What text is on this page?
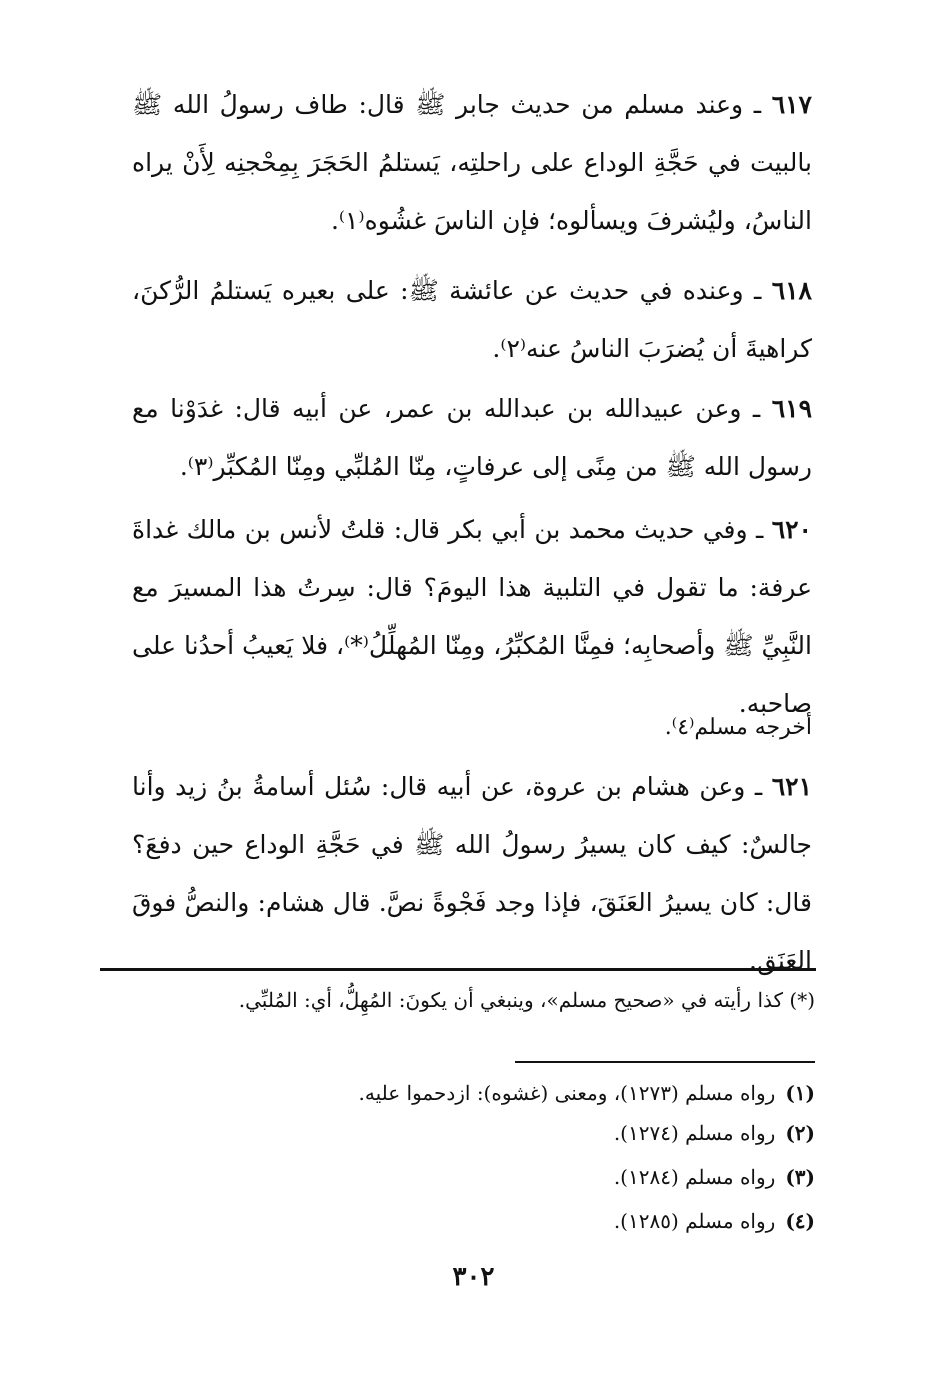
٦١٧ ـ وعند مسلم من حديث جابر ﷺ قال: طاف رسولُ الله ﷺ بالبيت في حَجَّةِ الوداع على راحلتِه، يَستلمُ الحَجَرَ بِمِحْجنِه لِأَنْ يراه الناسُ، وليُشرفَ ويسألوه؛ فإن الناسَ غشُوه⁽١⁾.
٦١٨ ـ وعنده في حديث عن عائشة ﷺ: على بعيره يَستلمُ الرُّكنَ، كراهيةَ أن يُضرَبَ الناسُ عنه⁽٢⁾.
٦١٩ ـ وعن عبيدالله بن عبدالله بن عمر، عن أبيه قال: غدَوْنا مع رسول الله ﷺ من مِنًى إلى عرفاتٍ، مِنّا المُلبِّي ومِنّا المُكبِّر⁽٣⁾.
٦٢٠ ـ وفي حديث محمد بن أبي بكر قال: قلتُ لأنس بن مالك غداةَ عرفة: ما تقول في التلبية هذا اليومَ؟ قال: سِرتُ هذا المسيرَ مع النَّبِيِّ ﷺ وأصحابِه؛ فمِنَّا المُكبِّرُ، ومِنّا المُهلِّلُ⁽*⁾، فلا يَعيبُ أحدُنا على صاحبه.
أخرجه مسلم⁽٤⁾.
٦٢١ ـ وعن هشام بن عروة، عن أبيه قال: سُئل أسامةُ بنُ زيد وأنا جالسٌ: كيف كان يسيرُ رسولُ الله ﷺ في حَجَّةِ الوداع حين دفعَ؟ قال: كان يسيرُ العَنَقَ، فإذا وجد فَجْوةً نصَّ. قال هشام: والنصُّ فوقَ العَنَق.
(*) كذا رأيته في «صحيح مسلم»، وينبغي أن يكونَ: المُهِلُّ، أي: المُلبِّي.
(١)رواه مسلم (١٢٧٣)، ومعنى (غشوه): ازدحموا عليه.
(٢)رواه مسلم (١٢٧٤).
(٣)رواه مسلم (١٢٨٤).
(٤)رواه مسلم (١٢٨٥).
٣٠٢
